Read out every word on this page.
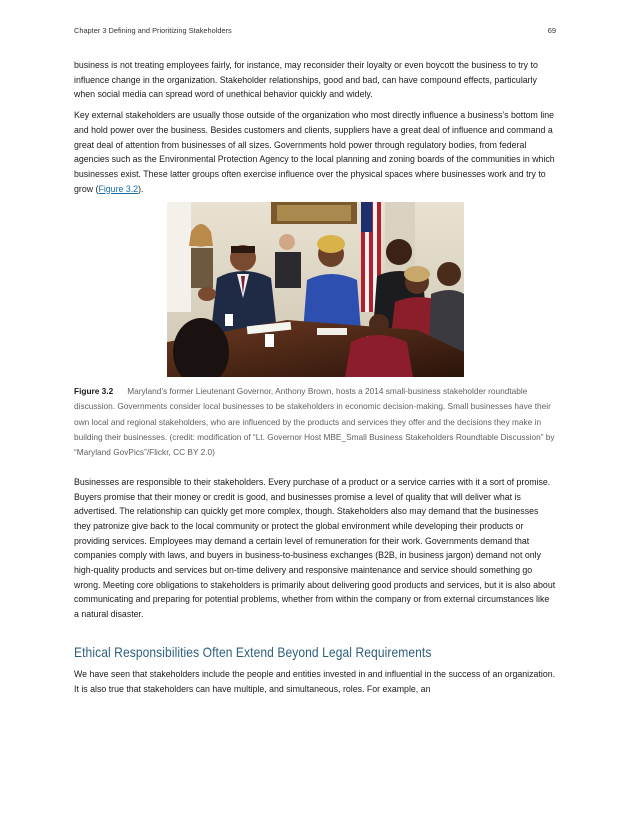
Chapter 3 Defining and Prioritizing Stakeholders	69

business is not treating employees fairly, for instance, may reconsider their loyalty or even boycott the business to try to influence change in the organization. Stakeholder relationships, good and bad, can have compound effects, particularly when social media can spread word of unethical behavior quickly and widely.

Key external stakeholders are usually those outside of the organization who most directly influence a business’s bottom line and hold power over the business. Besides customers and clients, suppliers have a great deal of influence and command a great deal of attention from businesses of all sizes. Governments hold power through regulatory bodies, from federal agencies such as the Environmental Protection Agency to the local planning and zoning boards of the communities in which businesses exist. These latter groups often exercise influence over the physical spaces where businesses work and try to grow (Figure 3.2).

Figure 3.2 Maryland’s former Lieutenant Governor, Anthony Brown, hosts a 2014 small-business stakeholder roundtable discussion. Governments consider local businesses to be stakeholders in economic decision-making. Small businesses have their own local and regional stakeholders, who are influenced by the products and services they offer and the decisions they make in building their businesses. (credit: modification of “Lt. Governor Host MBE_Small Business Stakeholders Roundtable Discussion” by “Maryland GovPics”/Flickr, CC BY 2.0)

Businesses are responsible to their stakeholders. Every purchase of a product or a service carries with it a sort of promise. Buyers promise that their money or credit is good, and businesses promise a level of quality that will deliver what is advertised. The relationship can quickly get more complex, though. Stakeholders also may demand that the businesses they patronize give back to the local community or protect the global environment while developing their products or providing services. Employees may demand a certain level of remuneration for their work. Governments demand that companies comply with laws, and buyers in business-to-business exchanges (B2B, in business jargon) demand not only high-quality products and services but on-time delivery and responsive maintenance and service should something go wrong. Meeting core obligations to stakeholders is primarily about delivering good products and services, but it is also about communicating and preparing for potential problems, whether from within the company or from external circumstances like a natural disaster.

Ethical Responsibilities Often Extend Beyond Legal Requirements

We have seen that stakeholders include the people and entities invested in and influential in the success of an organization. It is also true that stakeholders can have multiple, and simultaneous, roles. For example, an
